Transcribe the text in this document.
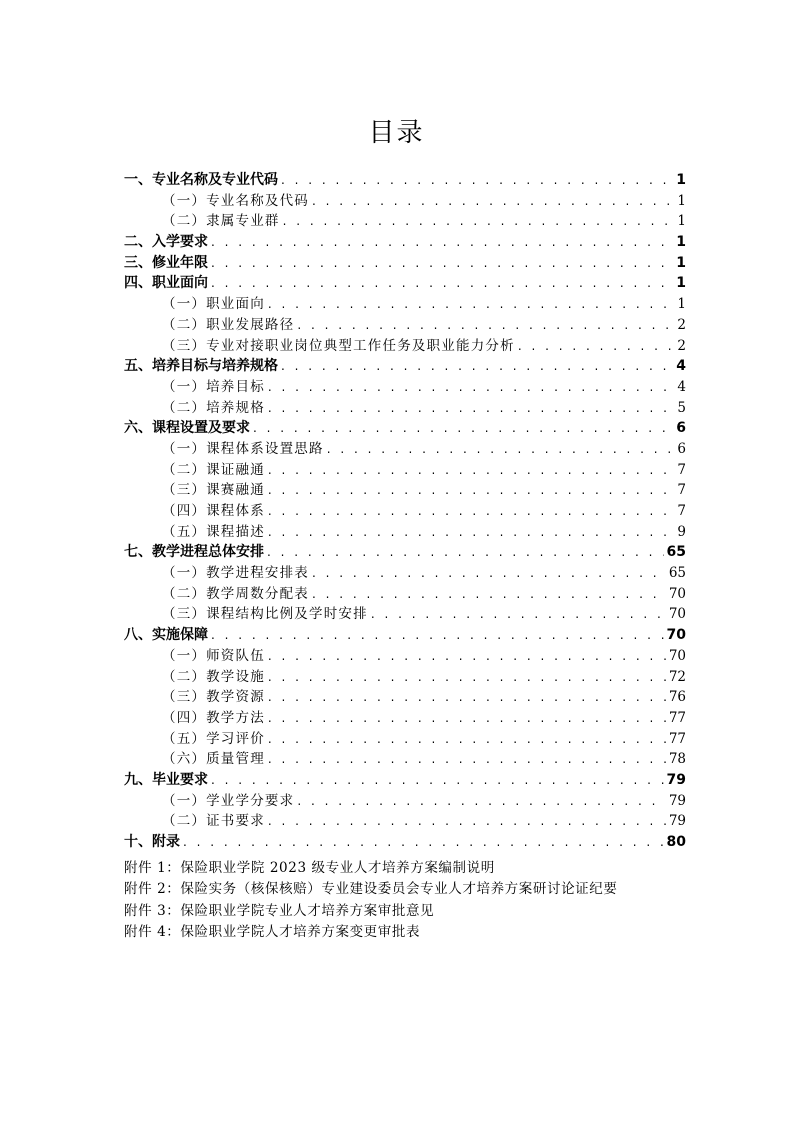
目录
一、专业名称及专业代码 . . .	1
（一）专业名称及代码 . . .	1
（二）隶属专业群 . . .	1
二、入学要求 . . .	1
三、修业年限 . . .	1
四、职业面向 . . .	1
（一）职业面向 . . .	1
（二）职业发展路径 . . .	2
（三）专业对接职业岗位典型工作任务及职业能力分析 . . .	2
五、培养目标与培养规格 . . .	4
（一）培养目标 . . .	4
（二）培养规格 . . .	5
六、课程设置及要求 . . .	6
（一）课程体系设置思路 . . .	6
（二）课证融通 . . .	7
（三）课赛融通 . . .	7
（四）课程体系 . . .	7
（五）课程描述 . . .	9
七、教学进程总体安排 . . .	65
（一）教学进程安排表 . . .	65
（二）教学周数分配表 . . .	70
（三）课程结构比例及学时安排 . . .	70
八、实施保障 . . .	70
（一）师资队伍 . . .	70
（二）教学设施 . . .	72
（三）教学资源 . . .	76
（四）教学方法 . . .	77
（五）学习评价 . . .	77
（六）质量管理 . . .	78
九、毕业要求 . . .	79
（一）学业学分要求 . . .	79
（二）证书要求 . . .	79
十、附录 . . .	80
附件 1：保险职业学院 2023 级专业人才培养方案编制说明
附件 2：保险实务（核保核赔）专业建设委员会专业人才培养方案研讨论证纪要
附件 3：保险职业学院专业人才培养方案审批意见
附件 4：保险职业学院人才培养方案变更审批表
